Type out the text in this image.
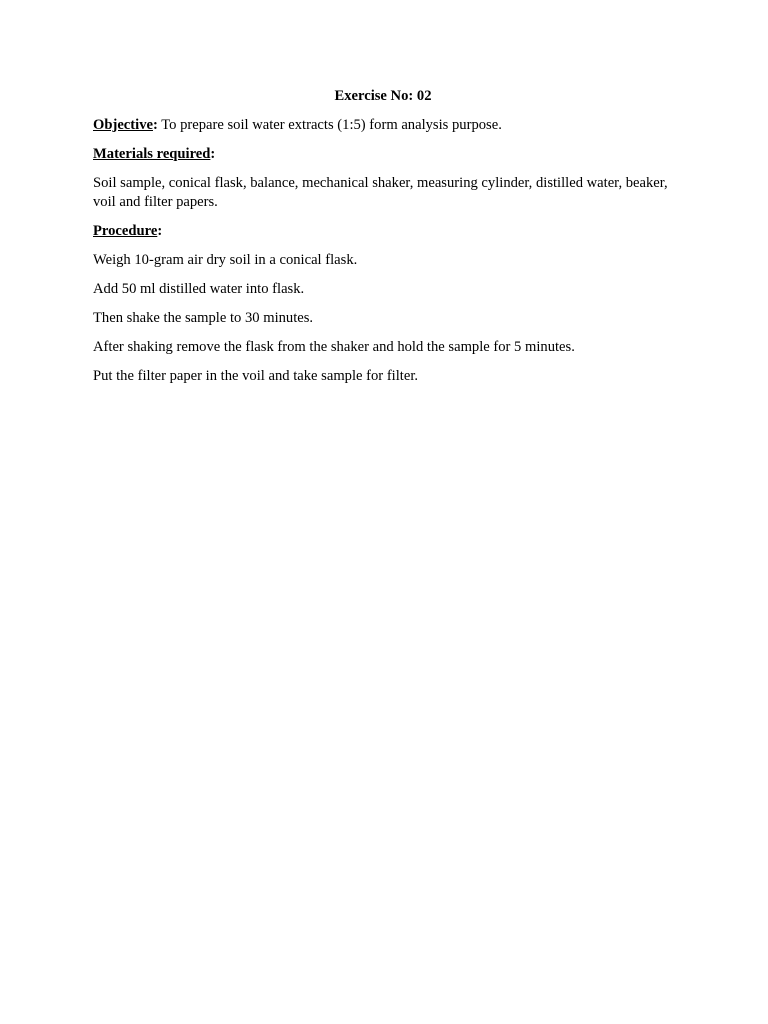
Exercise No: 02

Objective: To prepare soil water extracts (1:5) form analysis purpose.

Materials required:

Soil sample, conical flask, balance, mechanical shaker, measuring cylinder, distilled water, beaker, voil and filter papers.

Procedure:

Weigh 10-gram air dry soil in a conical flask.

Add 50 ml distilled water into flask.

Then shake the sample to 30 minutes.

After shaking remove the flask from the shaker and hold the sample for 5 minutes.

Put the filter paper in the voil and take sample for filter.
